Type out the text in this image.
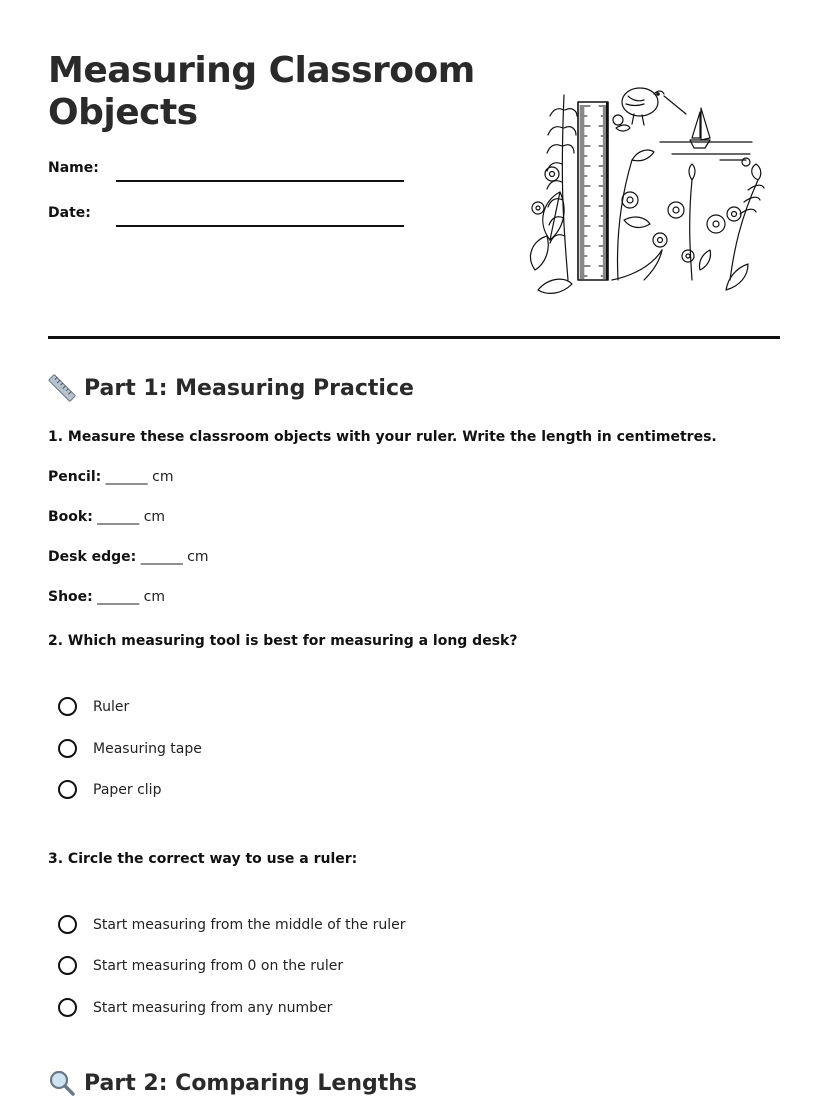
Measuring Classroom Objects
Name:
Date:
Part 1: Measuring Practice
1. Measure these classroom objects with your ruler. Write the length in centimetres.
Pencil: ______ cm
Book: ______ cm
Desk edge: ______ cm
Shoe: ______ cm
2. Which measuring tool is best for measuring a long desk?
Ruler
Measuring tape
Paper clip
3. Circle the correct way to use a ruler:
Start measuring from the middle of the ruler
Start measuring from 0 on the ruler
Start measuring from any number
Part 2: Comparing Lengths
